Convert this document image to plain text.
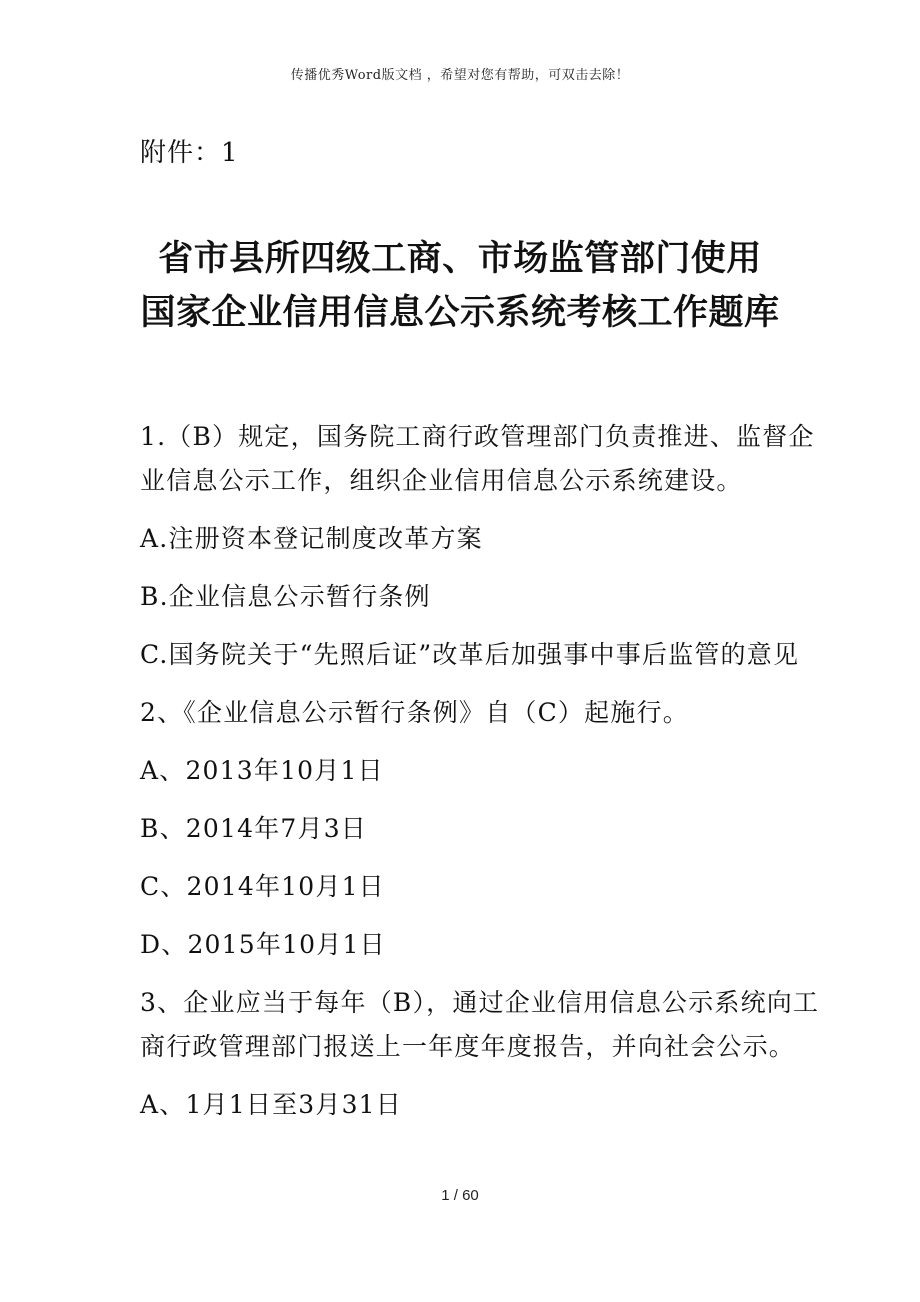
传播优秀Word版文档 ，希望对您有帮助，可双击去除！
附件：1
省市县所四级工商、市场监管部门使用
国家企业信用信息公示系统考核工作题库
1.（B）规定，国务院工商行政管理部门负责推进、监督企
业信息公示工作，组织企业信用信息公示系统建设。
A.注册资本登记制度改革方案
B.企业信息公示暂行条例
C.国务院关于“先照后证”改革后加强事中事后监管的意见
2、《企业信息公示暂行条例》自（C）起施行。
A、2013年10月1日
B、2014年7月3日
C、2014年10月1日
D、2015年10月1日
3、企业应当于每年（B），通过企业信用信息公示系统向工
商行政管理部门报送上一年度年度报告，并向社会公示。
A、1月1日至3月31日
1 / 60
